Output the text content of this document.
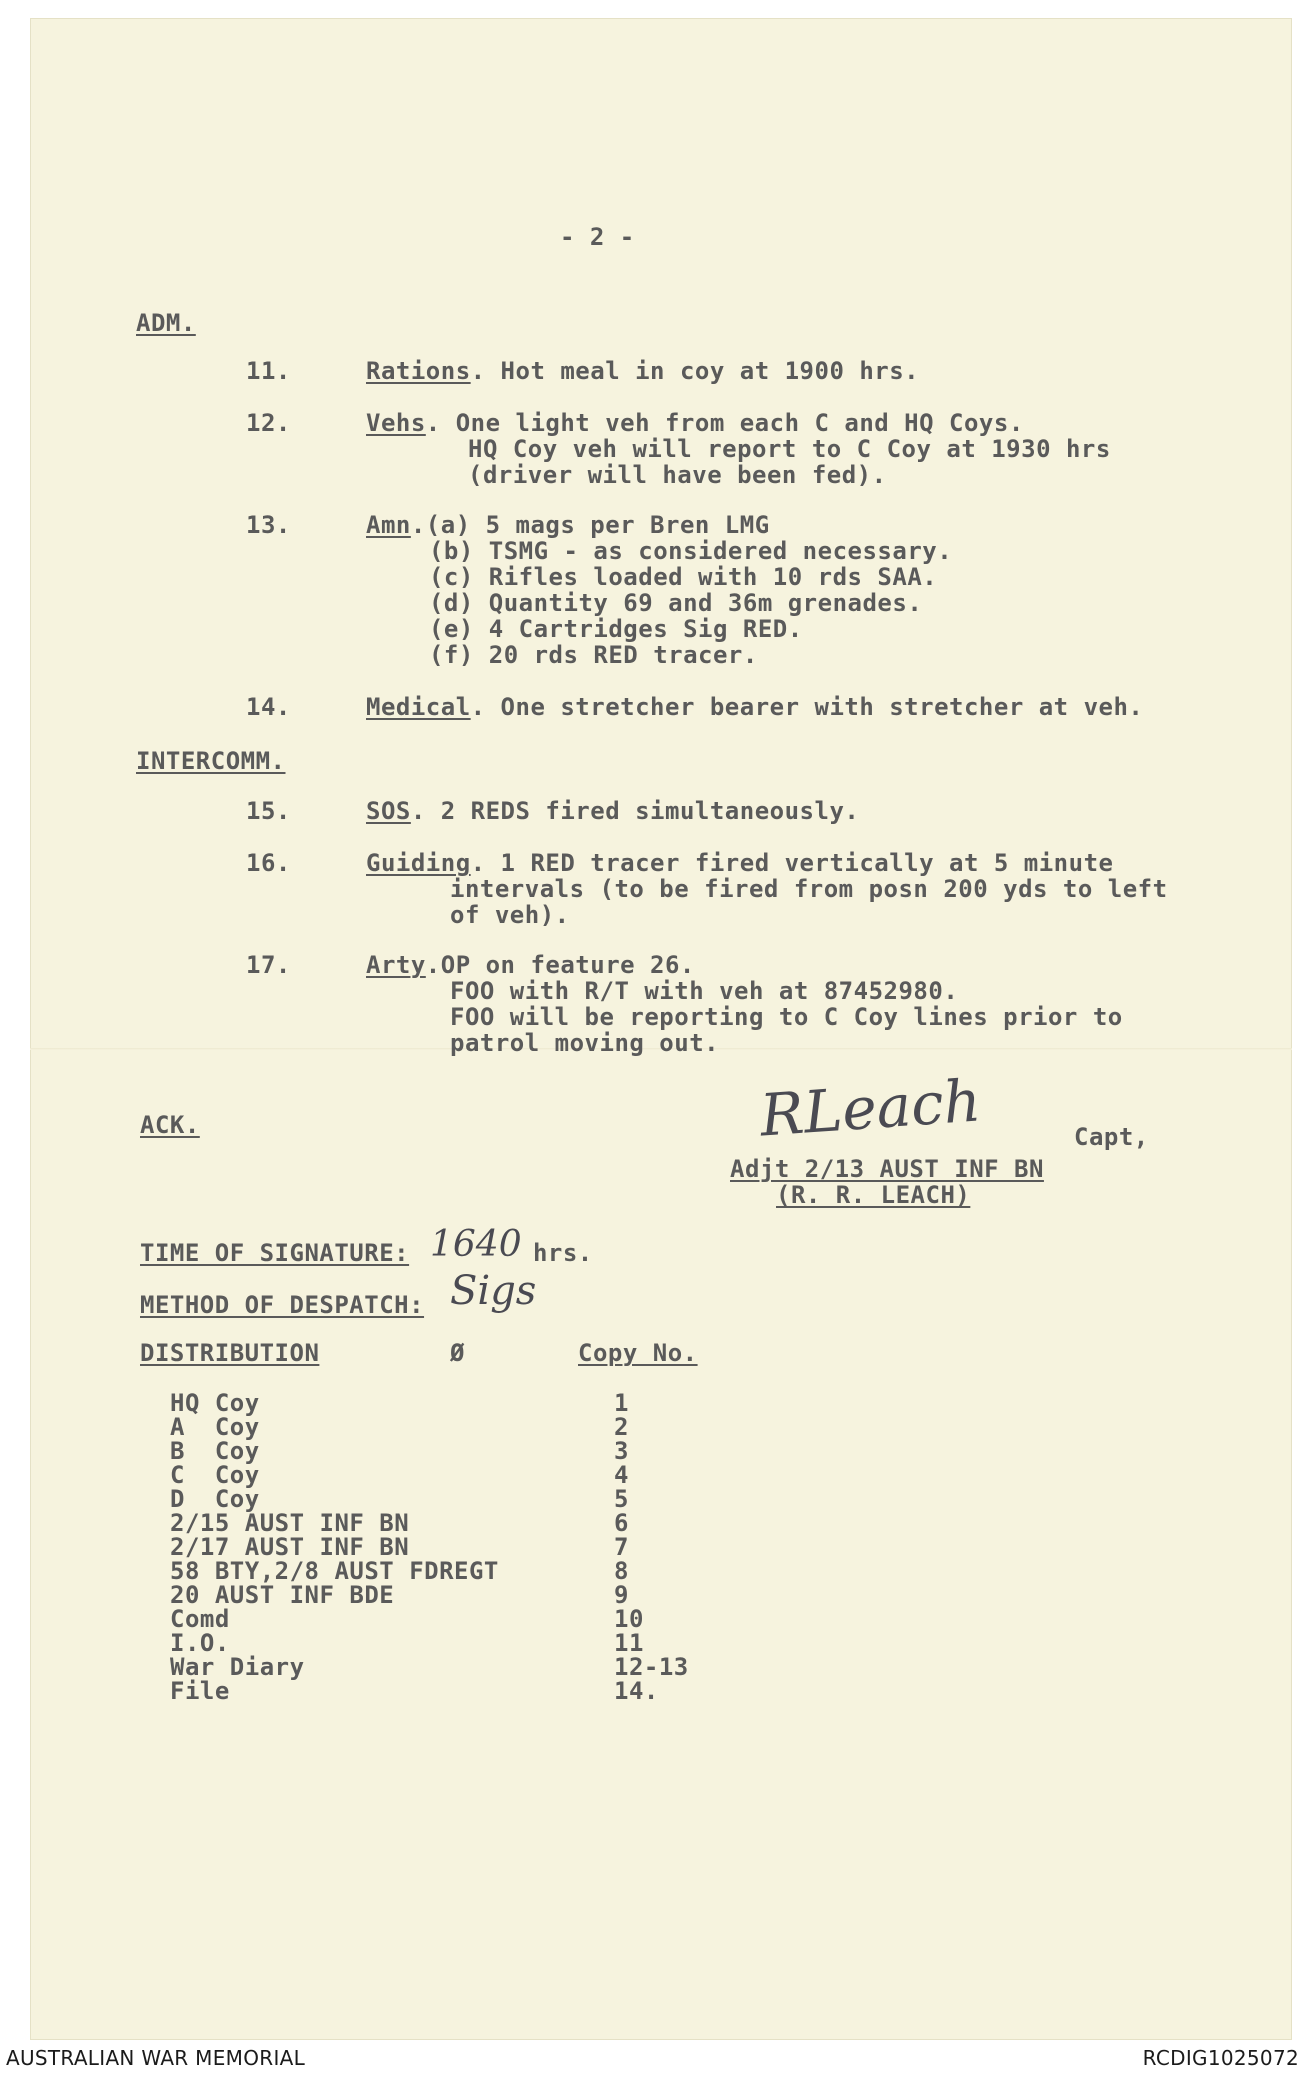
- 2 -
ADM.
11.	Rations. Hot meal in coy at 1900 hrs.
12.	Vehs. One light veh from each C and HQ Coys.
HQ Coy veh will report to C Coy at 1930 hrs
(driver will have been fed).
13.	Amn.(a) 5 mags per Bren LMG
(b) TSMG - as considered necessary.
(c) Rifles loaded with 10 rds SAA.
(d) Quantity 69 and 36m grenades.
(e) 4 Cartridges Sig RED.
(f) 20 rds RED tracer.
14.	Medical. One stretcher bearer with stretcher at veh.
INTERCOMM.
15.	SOS. 2 REDS fired simultaneously.
16.	Guiding. 1 RED tracer fired vertically at 5 minute
intervals (to be fired from posn 200 yds to left
of veh).
17.	Arty.OP on feature 26.
FOO with R/T with veh at 87452980.
FOO will be reporting to C Coy lines prior to
patrol moving out.
ACK.	RLeach	Capt,
Adjt 2/13 AUST INF BN
(R. R. LEACH)
TIME OF SIGNATURE: 1640
hrs.
METHOD OF DESPATCH: Sigs
DISTRIBUTION	Ø	Copy No.
HQ Coy	1
A  Coy	2
B  Coy	3
C  Coy	4
D  Coy	5
2/15 AUST INF BN	6
2/17 AUST INF BN	7
58 BTY,2/8 AUST FDREGT	8
20 AUST INF BDE	9
Comd	10
I.O.	11
War Diary	12-13
File	14.
AUSTRALIAN WAR MEMORIAL	RCDIG1025072
